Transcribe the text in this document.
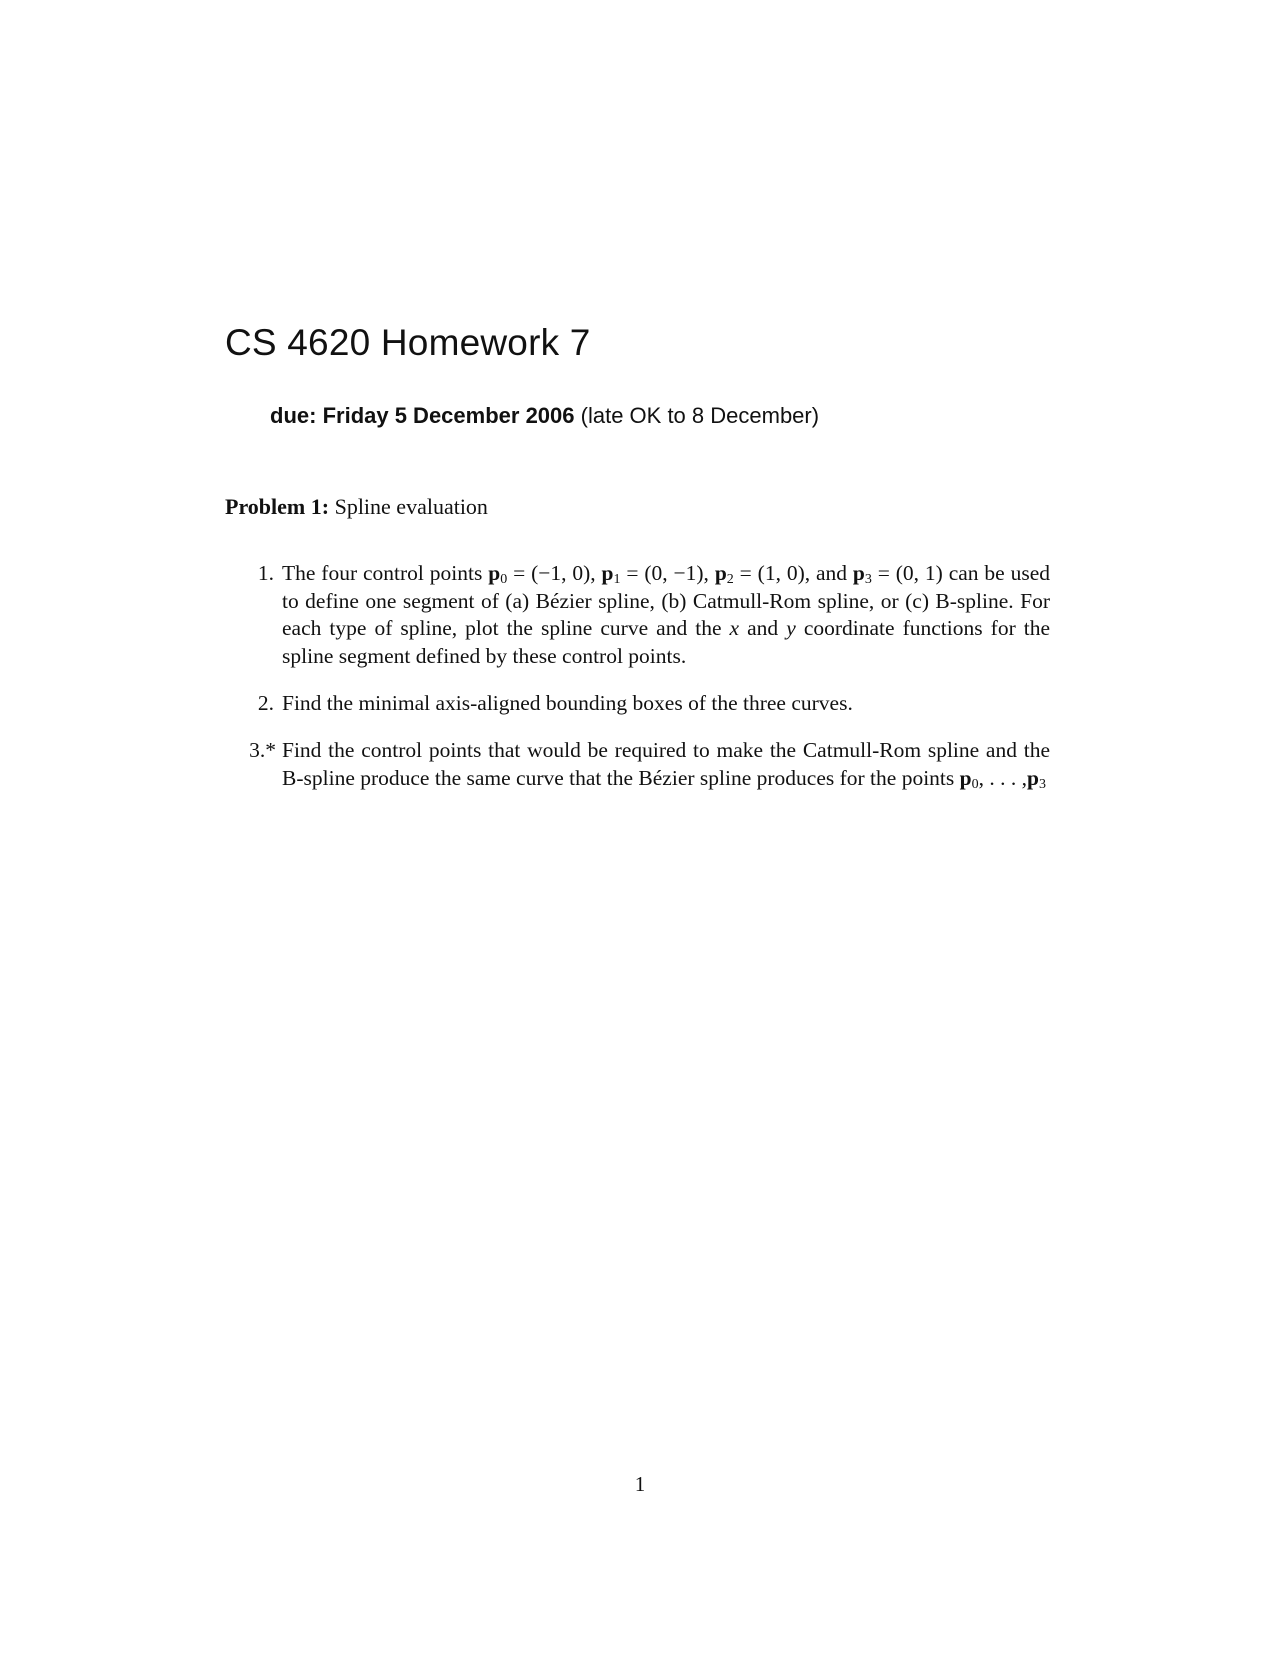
CS 4620 Homework 7

due: Friday 5 December 2006 (late OK to 8 December)

Problem 1: Spline evaluation

1. The four control points $p_0 = (-1$, 0), $p_1 = (0$, −1), $p_2 = (1$, 0), and $p_3 = (0$, 1) can be used to define one segment of (a) Bézier spline, (b) Catmull-Rom spline, or (c) B-spline. For each type of spline, plot the spline curve and the x and y coordinate functions for the spline segment defined by these control points.
2. Find the minimal axis-aligned bounding boxes of the three curves.
3.* Find the control points that would be required to make the Catmull-Rom spline and the B-spline produce the same curve that the Bézier spline produces for the points $p_0$, . . . $,p_3$

1
